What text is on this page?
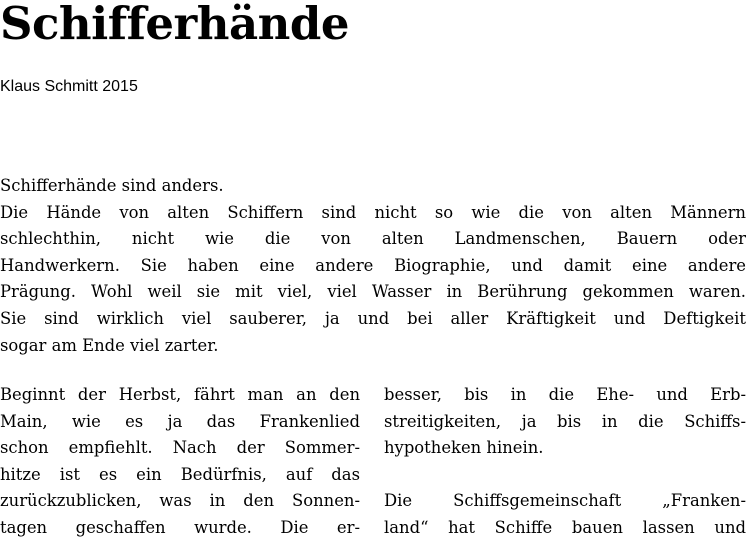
Schifferhände
Klaus Schmitt 2015
Schifferhände sind anders.
Die Hände von alten Schiffern sind nicht so wie die von alten Männern
schlechthin, nicht wie die von alten Landmenschen, Bauern oder
Handwerkern. Sie haben eine andere Biographie, und damit eine andere
Prägung. Wohl weil sie mit viel, viel Wasser in Berührung gekommen waren.
Sie sind wirklich viel sauberer, ja und bei aller Kräftigkeit und Deftigkeit
sogar am Ende viel zarter.
Beginnt der Herbst, fährt man an den
Main, wie es ja das Frankenlied
schon empfiehlt. Nach der Sommer-
hitze ist es ein Bedürfnis, auf das
zurückzublicken, was in den Sonnen-
tagen geschaffen wurde. Die er-
besser, bis in die Ehe- und Erb-
streitigkeiten, ja bis in die Schiffs-
hypotheken hinein.
Die Schiffsgemeinschaft „Franken-
land“ hat Schiffe bauen lassen und
